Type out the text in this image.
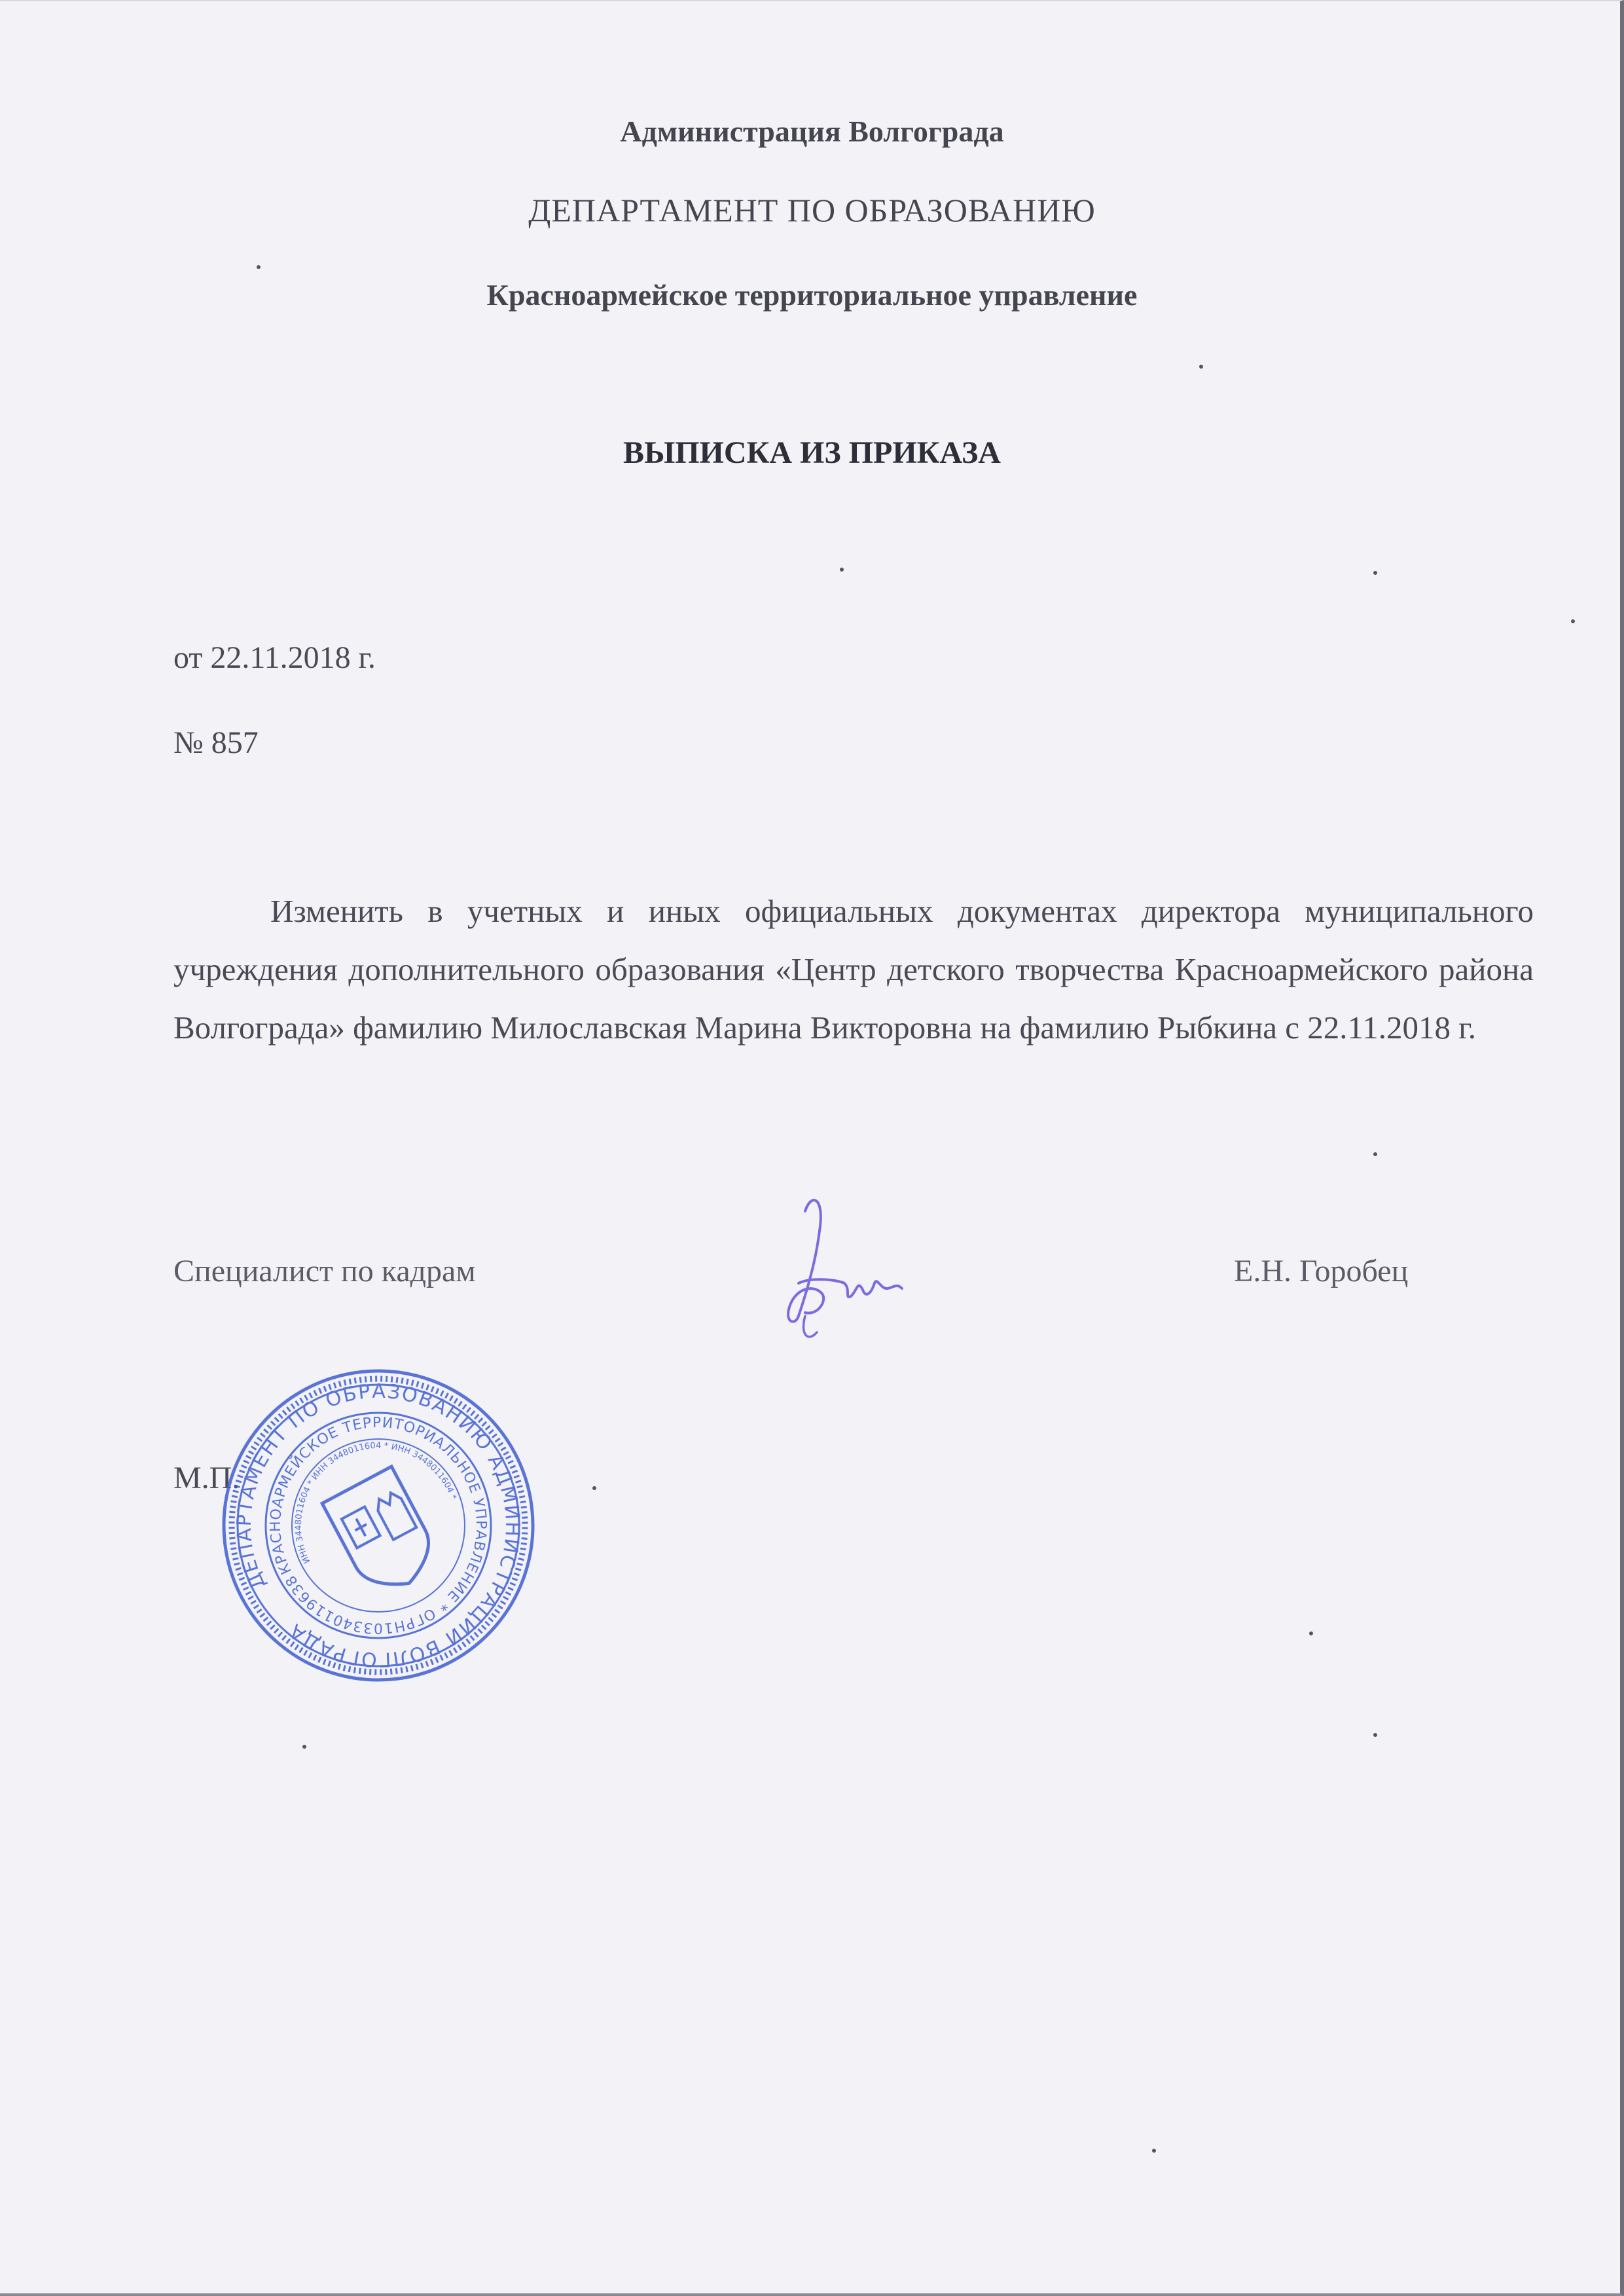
Администрация Волгограда
ДЕПАРТАМЕНТ ПО ОБРАЗОВАНИЮ
Красноармейское территориальное управление
ВЫПИСКА ИЗ ПРИКАЗА
от 22.11.2018 г.
№ 857
Изменить в учетных и иных официальных документах директора муниципального учреждения дополнительного образования «Центр детского творчества Красноармейского района Волгограда» фамилию Милославская Марина Викторовна на фамилию Рыбкина с 22.11.2018 г.
Специалист по кадрам	Е.Н. Горобец
М.П.
ДЕПАРТАМЕНТ ПО ОБРАЗОВАНИЮ АДМИНИСТРАЦИИ ВОЛГОГРАДА
КРАСНОАРМЕЙСКОЕ ТЕРРИТОРИАЛЬНОЕ УПРАВЛЕНИЕ * ОГРН1033401196388
ИНН 3448011604 * ИНН 3448011604 * ИНН 3448011604 *
